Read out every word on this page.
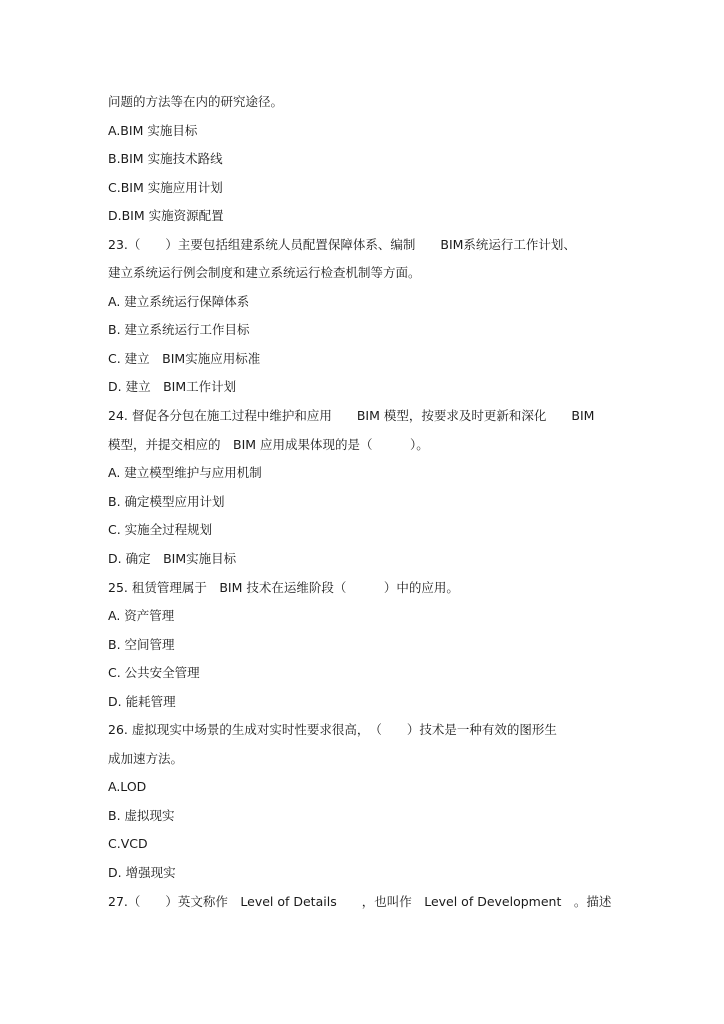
问题的方法等在内的研究途径。
A.BIM 实施目标
B.BIM 实施技术路线
C.BIM 实施应用计划
D.BIM 实施资源配置
23.（　　）主要包括组建系统人员配置保障体系、编制　　BIM系统运行工作计划、
建立系统运行例会制度和建立系统运行检查机制等方面。
A. 建立系统运行保障体系
B. 建立系统运行工作目标
C. 建立　BIM实施应用标准
D. 建立　BIM工作计划
24. 督促各分包在施工过程中维护和应用　　BIM 模型，按要求及时更新和深化　　BIM
模型，并提交相应的　BIM 应用成果体现的是（　　　）。
A. 建立模型维护与应用机制
B. 确定模型应用计划
C. 实施全过程规划
D. 确定　BIM实施目标
25. 租赁管理属于　BIM 技术在运维阶段（　　　）中的应用。
A. 资产管理
B. 空间管理
C. 公共安全管理
D. 能耗管理
26. 虚拟现实中场景的生成对实时性要求很高，　（　　）技术是一种有效的图形生
成加速方法。
A.LOD
B. 虚拟现实
C.VCD
D. 增强现实
27.（　　）英文称作　Level of Details　　，也叫作　Level of Development　。描述
